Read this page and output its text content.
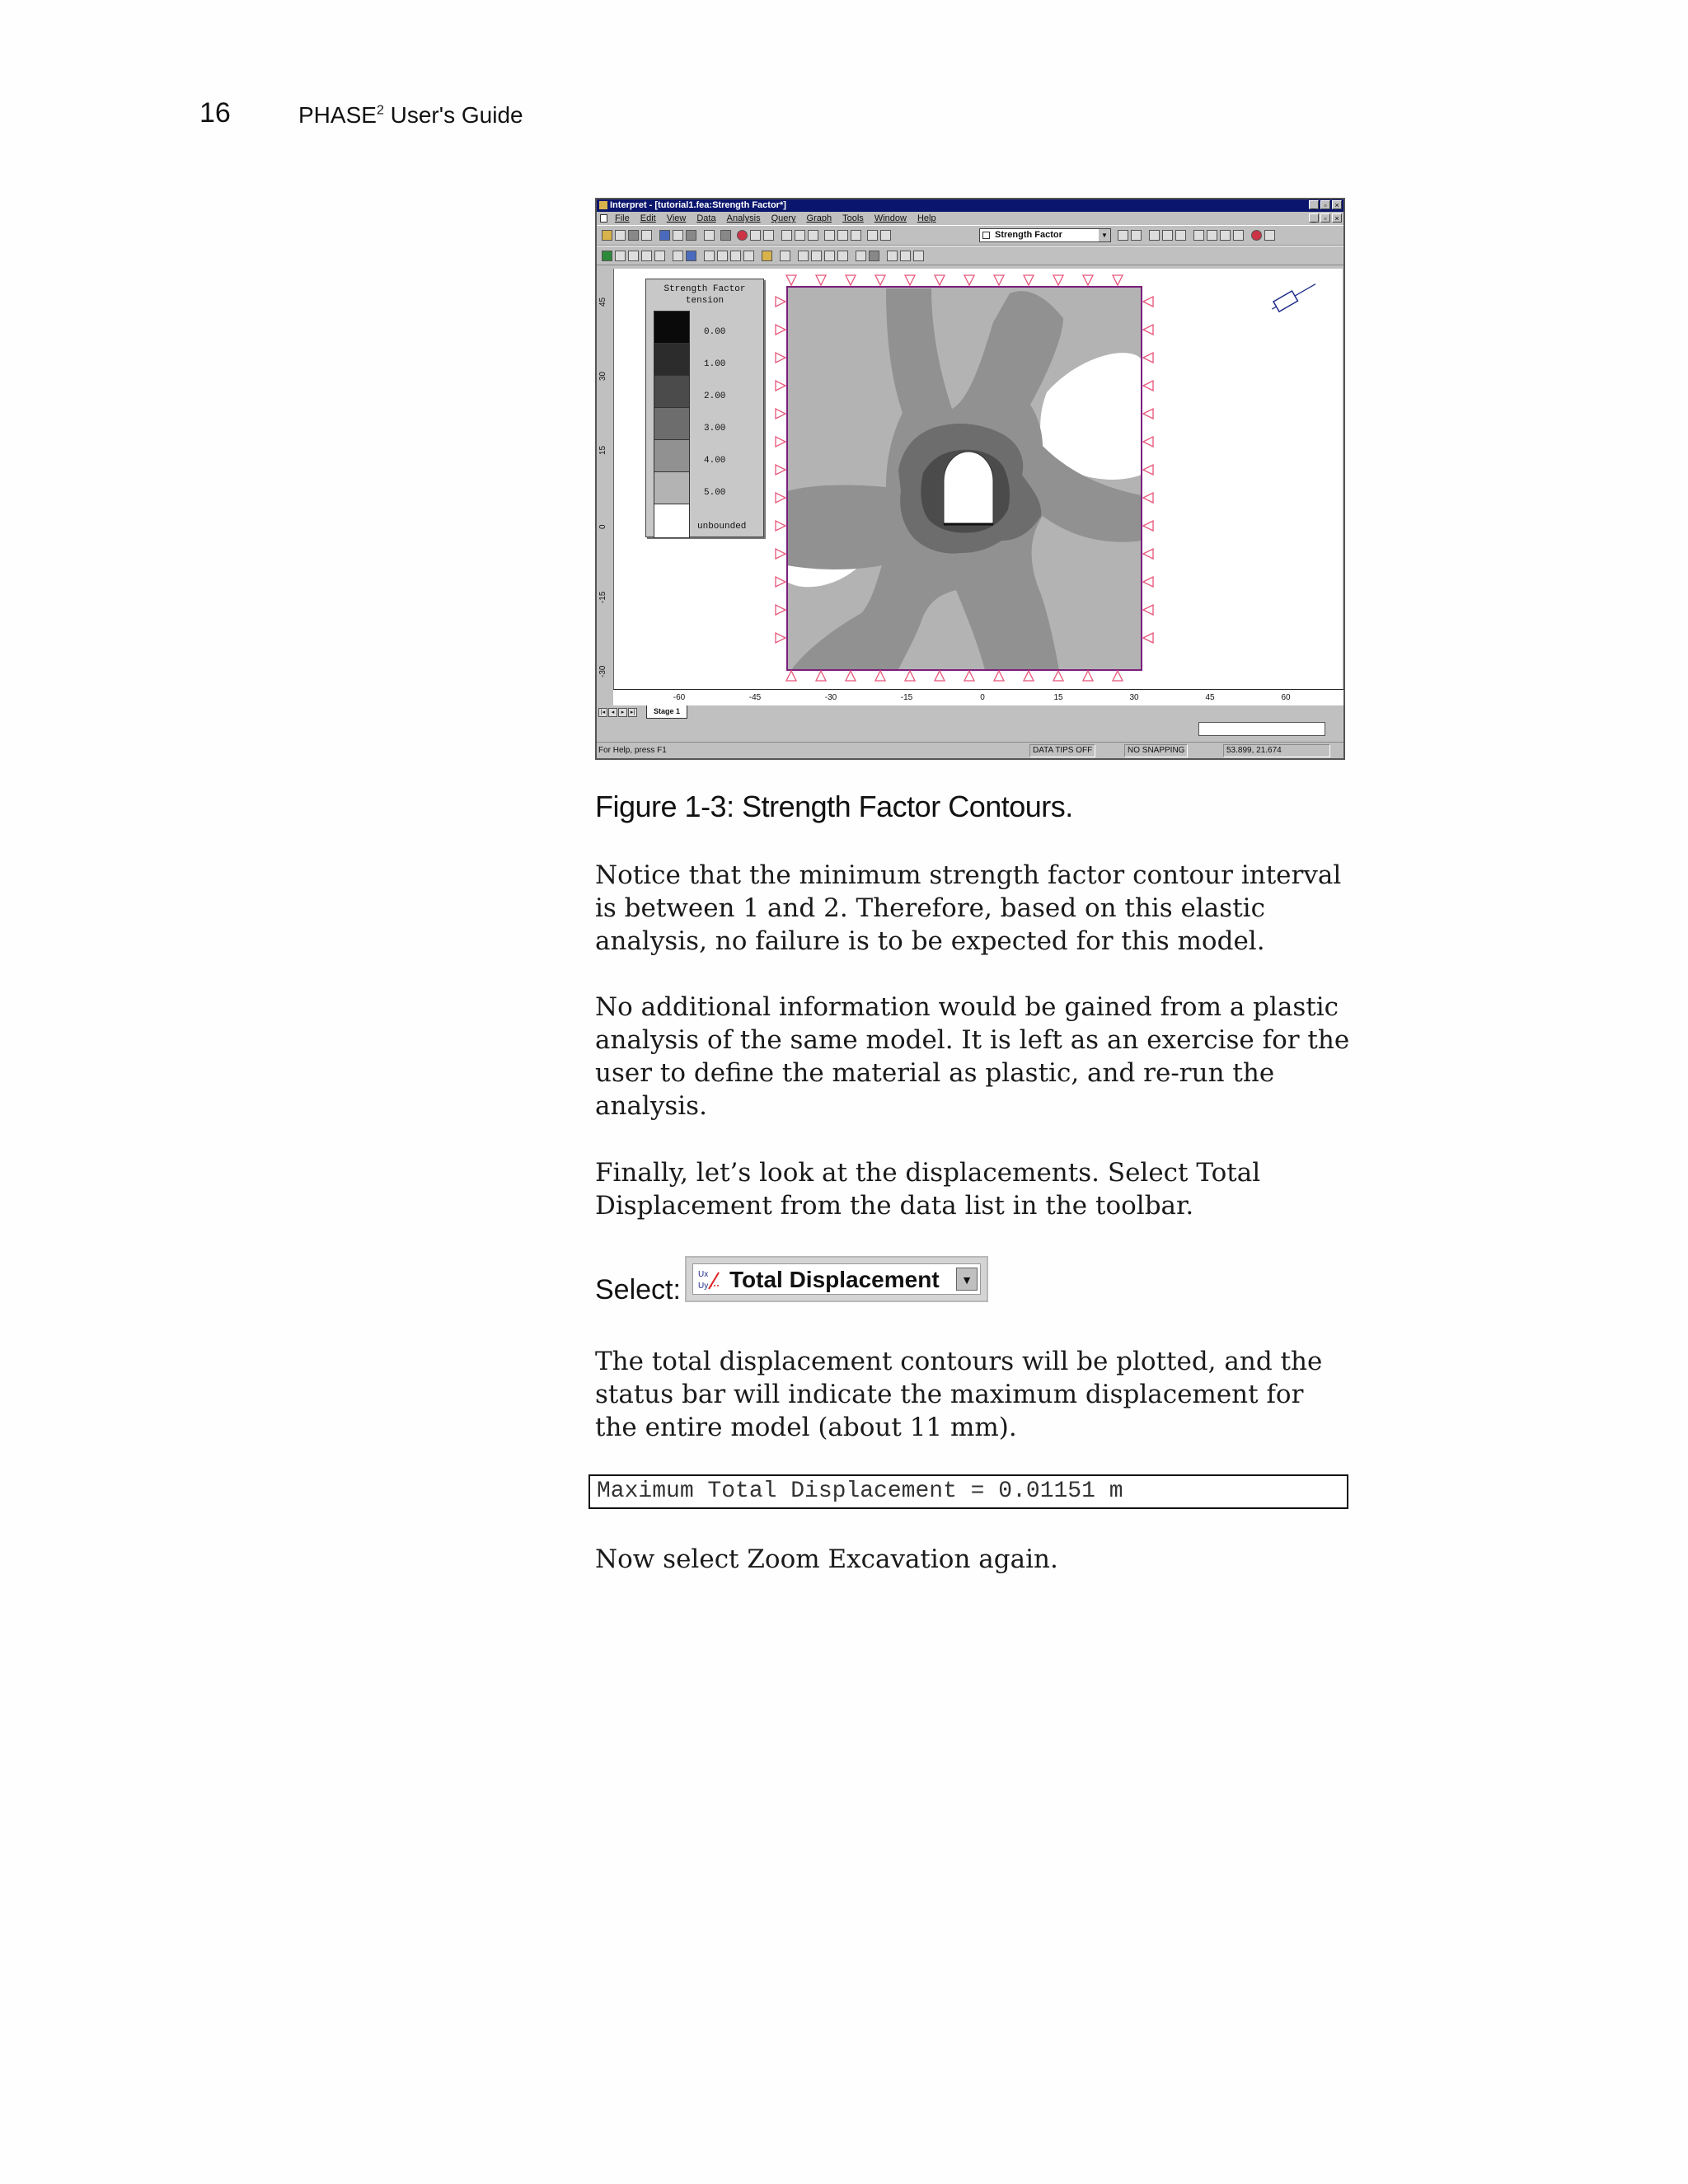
16	PHASE$^2$ User's Guide
Interpret - [tutorial1.fea:Strength Factor*]	_	▫	×
File Edit View Data Analysis Query Graph Tools Window Help	_	▫	×
Strength Factor	▼
45
30
15
0
-15
-30
Strength Factor
tension
0.00
1.00
2.00
3.00
4.00
5.00
unbounded
-60	-45	-30	-15	0	15	30	45	60
|◂	◂	▸	▸|	Stage 1
For Help, press F1	DATA TIPS OFF	NO SNAPPING	53.899, 21.674
Figure 1-3: Strength Factor Contours.

Notice that the minimum strength factor contour interval is between 1 and 2. Therefore, based on this elastic analysis, no failure is to be expected for this model.

No additional information would be gained from a plastic analysis of the same model. It is left as an exercise for the user to define the material as plastic, and re-run the analysis.

Finally, let’s look at the displacements. Select Total Displacement from the data list in the toolbar.

Select: Ux
Uy Total Displacement	▼

The total displacement contours will be plotted, and the status bar will indicate the maximum displacement for the entire model (about 11 mm).

Maximum Total Displacement = 0.01151 m

Now select Zoom Excavation again.
